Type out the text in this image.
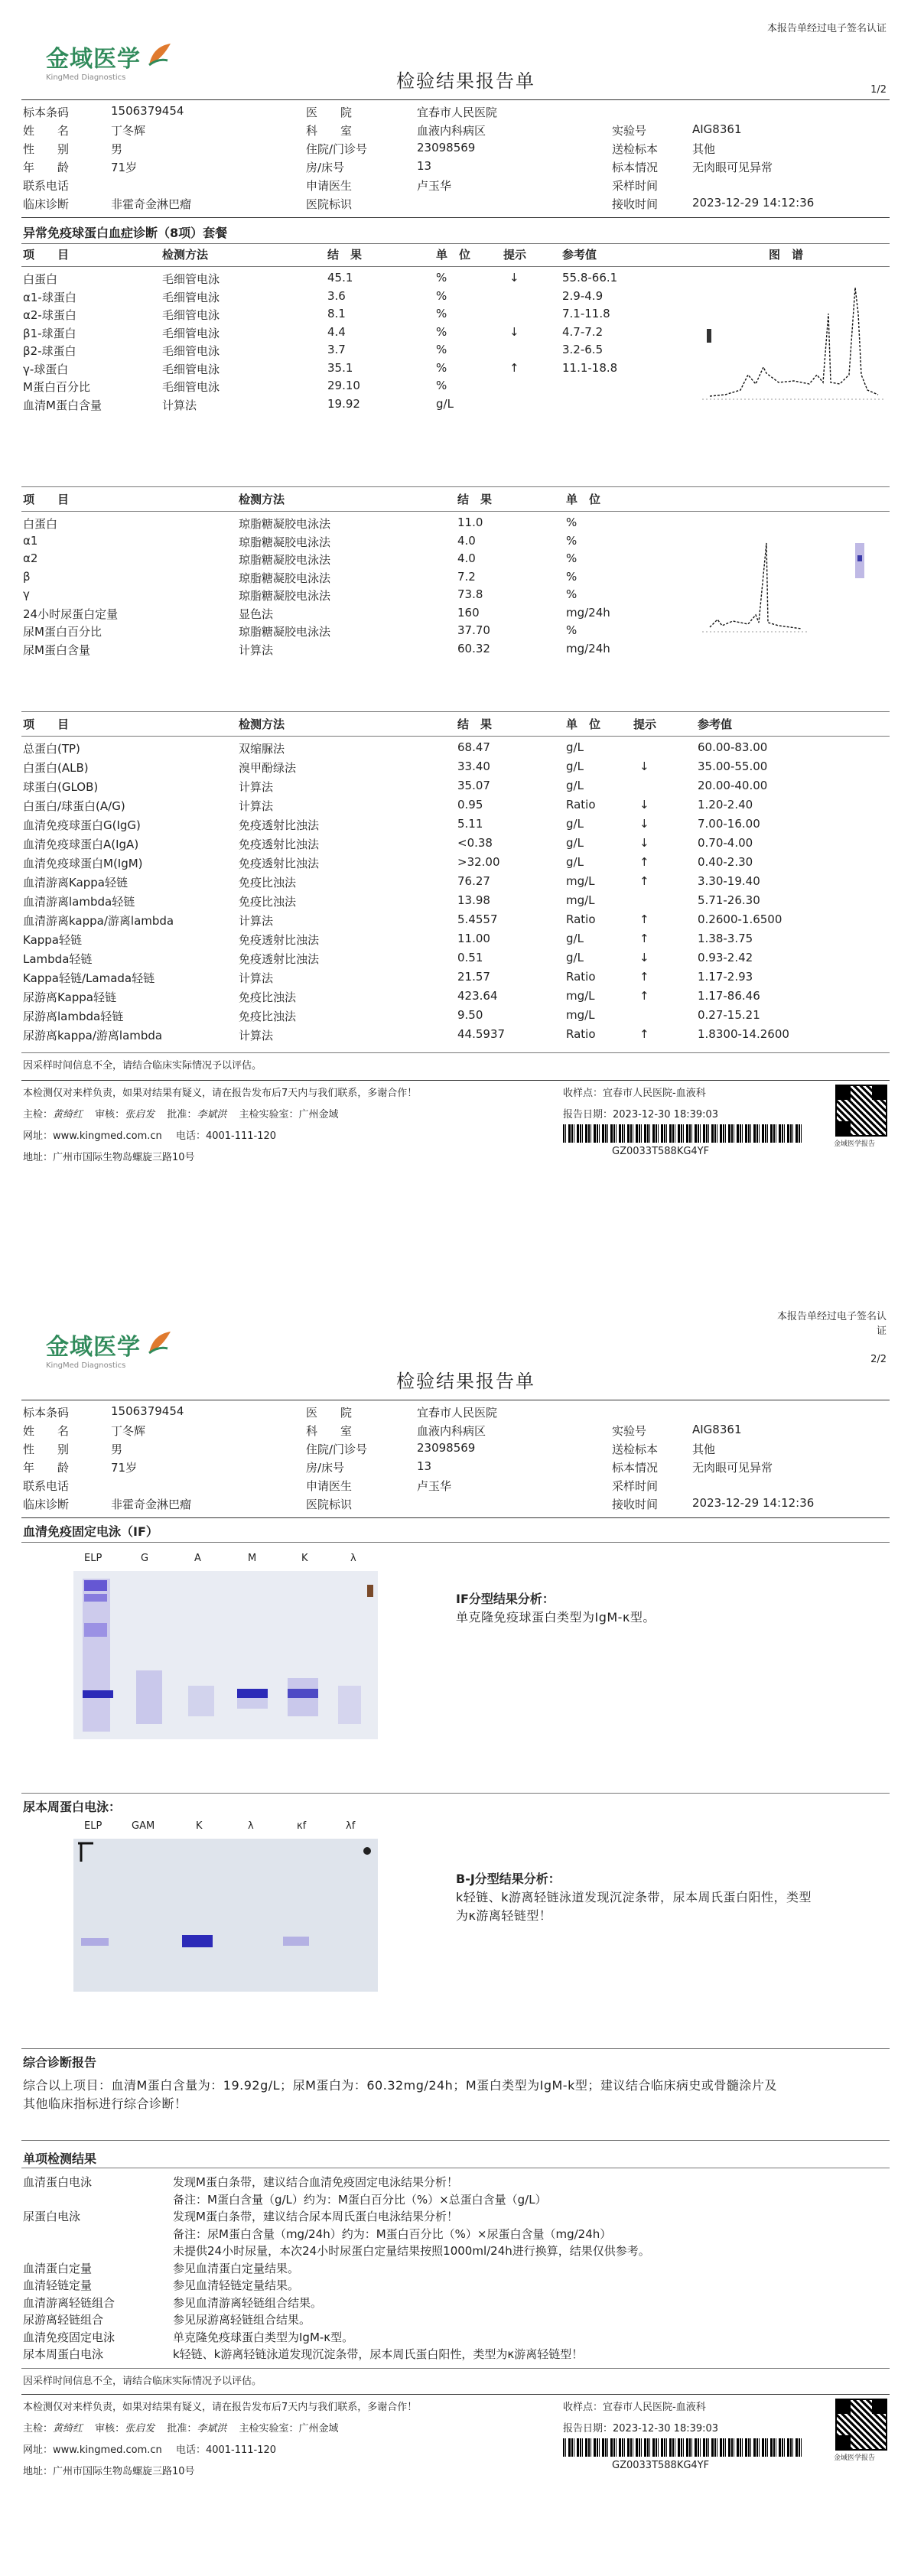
本报告单经过电子签名认证
金域医学
KingMed Diagnostics	检验结果报告单	1/2
标本条码	1506379454	医　　院	宜春市人民医院
姓　　名	丁冬辉	科　　室	血液内科病区	实验号	AIG8361
性　　别	男	住院/门诊号	23098569	送检标本	其他
年　　龄	71岁	房/床号	13	标本情况	无肉眼可见异常
联系电话	申请医生	卢玉华	采样时间
临床诊断	非霍奇金淋巴瘤	医院标识	接收时间	2023-12-29 14:12:36
异常免疫球蛋白血症诊断（8项）套餐
项　　目	检测方法	结　果	单　位	提示	参考值	图　谱
白蛋白	毛细管电泳	45.1	%	↓	55.8-66.1
α1-球蛋白	毛细管电泳	3.6	%	2.9-4.9
α2-球蛋白	毛细管电泳	8.1	%	7.1-11.8
β1-球蛋白	毛细管电泳	4.4	%	↓	4.7-7.2
β2-球蛋白	毛细管电泳	3.7	%	3.2-6.5
γ-球蛋白	毛细管电泳	35.1	%	↑	11.1-18.8
M蛋白百分比	毛细管电泳	29.10	%
血清M蛋白含量	计算法	19.92	g/L
项　　目	检测方法	结　果	单　位
白蛋白	琼脂糖凝胶电泳法	11.0	%
α1	琼脂糖凝胶电泳法	4.0	%
α2	琼脂糖凝胶电泳法	4.0	%
β	琼脂糖凝胶电泳法	7.2	%
γ	琼脂糖凝胶电泳法	73.8	%
24小时尿蛋白定量	显色法	160	mg/24h
尿M蛋白百分比	琼脂糖凝胶电泳法	37.70	%
尿M蛋白含量	计算法	60.32	mg/24h
项　　目	检测方法	结　果	单　位	提示	参考值
总蛋白(TP)	双缩脲法	68.47	g/L	60.00-83.00
白蛋白(ALB)	溴甲酚绿法	33.40	g/L	↓	35.00-55.00
球蛋白(GLOB)	计算法	35.07	g/L	20.00-40.00
白蛋白/球蛋白(A/G)	计算法	0.95	Ratio	↓	1.20-2.40
血清免疫球蛋白G(IgG)	免疫透射比浊法	5.11	g/L	↓	7.00-16.00
血清免疫球蛋白A(IgA)	免疫透射比浊法	<0.38	g/L	↓	0.70-4.00
血清免疫球蛋白M(IgM)	免疫透射比浊法	>32.00	g/L	↑	0.40-2.30
血清游离Kappa轻链	免疫比浊法	76.27	mg/L	↑	3.30-19.40
血清游离lambda轻链	免疫比浊法	13.98	mg/L	5.71-26.30
血清游离kappa/游离lambda	计算法	5.4557	Ratio	↑	0.2600-1.6500
Kappa轻链	免疫透射比浊法	11.00	g/L	↑	1.38-3.75
Lambda轻链	免疫透射比浊法	0.51	g/L	↓	0.93-2.42
Kappa轻链/Lamada轻链	计算法	21.57	Ratio	↑	1.17-2.93
尿游离Kappa轻链	免疫比浊法	423.64	mg/L	↑	1.17-86.46
尿游离lambda轻链	免疫比浊法	9.50	mg/L	0.27-15.21
尿游离kappa/游离lambda	计算法	44.5937	Ratio	↑	1.8300-14.2600
因采样时间信息不全，请结合临床实际情况予以评估。
本检测仅对来样负责，如果对结果有疑义，请在报告发布后7天内与我们联系，多谢合作！	收样点：宜春市人民医院-血液科
主检：黄绮红 审核：张启发 批准：李斌洪 主检实验室：广州金域	报告日期：2023-12-30 18:39:03
网址：www.kingmed.com.cn 电话：4001-111-120
地址：广州市国际生物岛螺旋三路10号
GZ0033T588KG4YF
金域医学报告
本报告单经过电子签名认
证
金域医学
KingMed Diagnostics
检验结果报告单
2/2
标本条码	1506379454	医　　院	宜春市人民医院
姓　　名	丁冬辉	科　　室	血液内科病区	实验号	AIG8361
性　　别	男	住院/门诊号	23098569	送检标本	其他
年　　龄	71岁	房/床号	13	标本情况	无肉眼可见异常
联系电话	申请医生	卢玉华	采样时间
临床诊断	非霍奇金淋巴瘤	医院标识	接收时间	2023-12-29 14:12:36
血清免疫固定电泳（IF）
ELP	G	A	M	K	λ
IF分型结果分析：
单克隆免疫球蛋白类型为IgM-κ型。
尿本周蛋白电泳：
ELP	GAM	K	λ	κf	λf
B-J分型结果分析：
k轻链、k游离轻链泳道发现沉淀条带，尿本周氏蛋白阳性，类型
为κ游离轻链型！
综合诊断报告
综合以上项目：血清M蛋白含量为：19.92g/L；尿M蛋白为：60.32mg/24h；M蛋白类型为IgM-k型；建议结合临床病史或骨髓涂片及
其他临床指标进行综合诊断！
单项检测结果
血清蛋白电泳	发现M蛋白条带，建议结合血清免疫固定电泳结果分析！
备注：M蛋白含量（g/L）约为：M蛋白百分比（%）×总蛋白含量（g/L）
尿蛋白电泳	发现M蛋白条带，建议结合尿本周氏蛋白电泳结果分析！
备注：尿M蛋白含量（mg/24h）约为：M蛋白百分比（%）×尿蛋白含量（mg/24h）
未提供24小时尿量，本次24小时尿蛋白定量结果按照1000ml/24h进行换算，结果仅供参考。
血清蛋白定量	参见血清蛋白定量结果。
血清轻链定量	参见血清轻链定量结果。
血清游离轻链组合	参见血清游离轻链组合结果。
尿游离轻链组合	参见尿游离轻链组合结果。
血清免疫固定电泳	单克隆免疫球蛋白类型为IgM-κ型。
尿本周蛋白电泳	k轻链、k游离轻链泳道发现沉淀条带，尿本周氏蛋白阳性，类型为κ游离轻链型！
因采样时间信息不全，请结合临床实际情况予以评估。
本检测仅对来样负责，如果对结果有疑义，请在报告发布后7天内与我们联系，多谢合作！	收样点：宜春市人民医院-血液科
主检：黄绮红 审核：张启发 批准：李斌洪 主检实验室：广州金域	报告日期：2023-12-30 18:39:03
网址：www.kingmed.com.cn 电话：4001-111-120
地址：广州市国际生物岛螺旋三路10号
GZ0033T588KG4YF
金域医学报告
